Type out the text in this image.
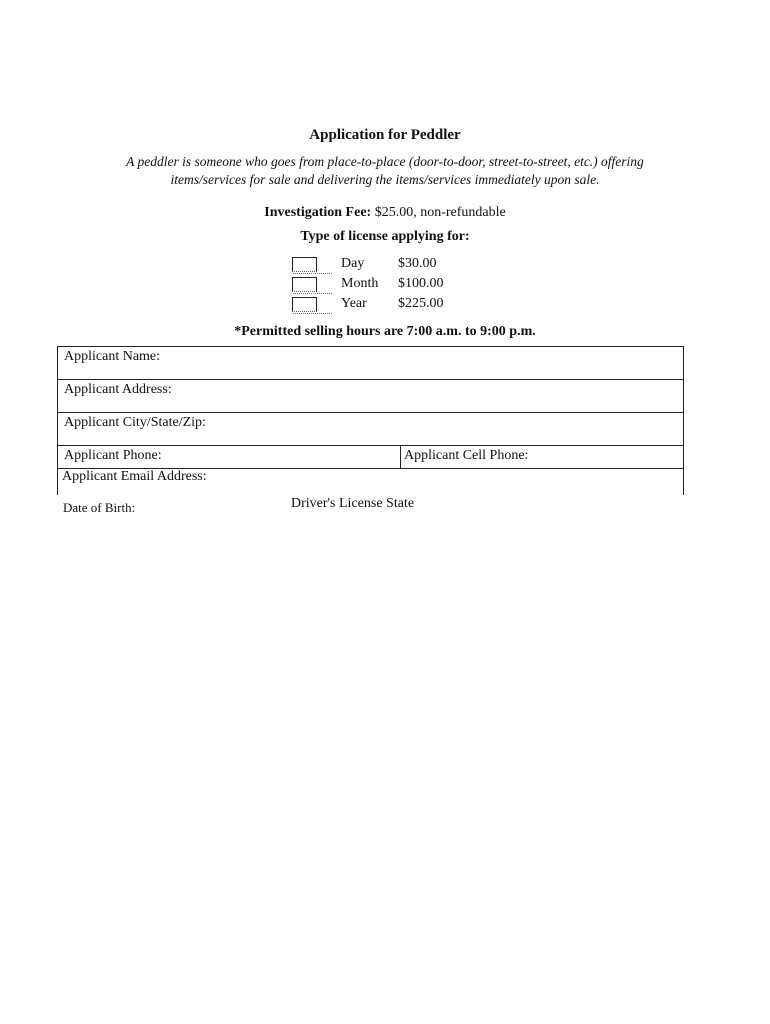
Application for Peddler
A peddler is someone who goes from place-to-place (door-to-door, street-to-street, etc.) offering
items/services for sale and delivering the items/services immediately upon sale.
Investigation Fee: $25.00, non-refundable
Type of license applying for:
Day $30.00
Month $100.00
Year $225.00
*Permitted selling hours are 7:00 a.m. to 9:00 p.m.
Applicant Name:
Applicant Address:
Applicant City/State/Zip:
Applicant Phone:	Applicant Cell Phone:
Applicant Email Address:
Date of Birth:	Driver's License State
